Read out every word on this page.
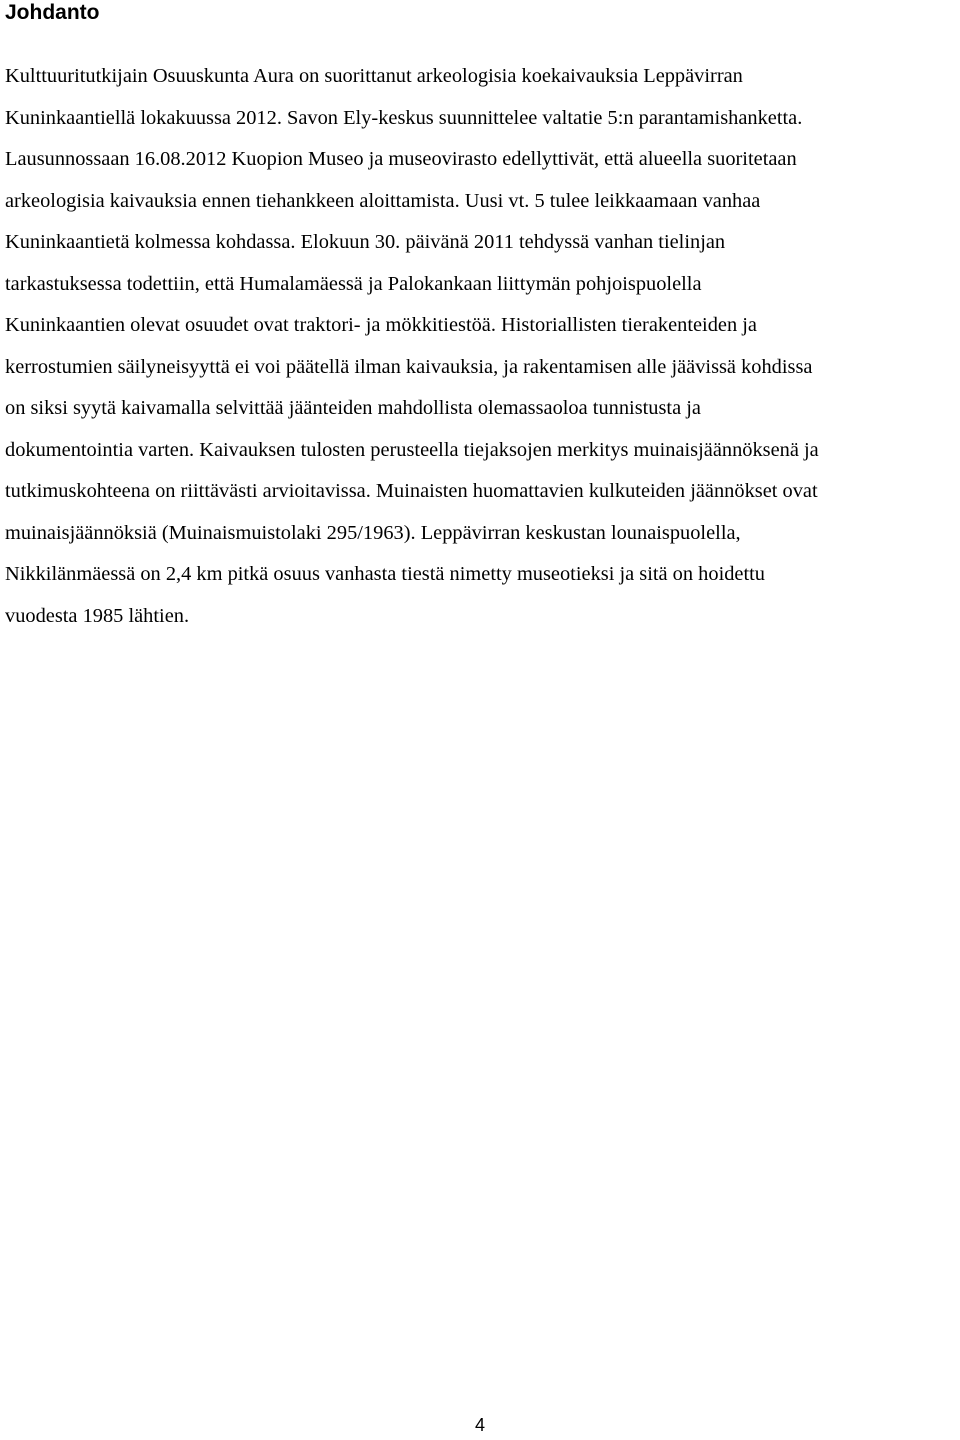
Johdanto
Kulttuuritutkijain Osuuskunta Aura on suorittanut arkeologisia koekaivauksia Leppävirran
Kuninkaantiellä lokakuussa 2012. Savon Ely-keskus suunnittelee valtatie 5:n parantamishanketta.
Lausunnossaan 16.08.2012 Kuopion Museo ja museovirasto edellyttivät, että alueella suoritetaan
arkeologisia kaivauksia ennen tiehankkeen aloittamista. Uusi vt. 5 tulee leikkaamaan vanhaa
Kuninkaantietä kolmessa kohdassa. Elokuun 30. päivänä 2011 tehdyssä vanhan tielinjan
tarkastuksessa todettiin, että Humalamäessä ja Palokankaan liittymän pohjoispuolella
Kuninkaantien olevat osuudet ovat traktori- ja mökkitiestöä. Historiallisten tierakenteiden ja
kerrostumien säilyneisyyttä ei voi päätellä ilman kaivauksia, ja rakentamisen alle jäävissä kohdissa
on siksi syytä kaivamalla selvittää jäänteiden mahdollista olemassaoloa tunnistusta ja
dokumentointia varten. Kaivauksen tulosten perusteella tiejaksojen merkitys muinaisjäännöksenä ja
tutkimuskohteena on riittävästi arvioitavissa. Muinaisten huomattavien kulkuteiden jäännökset ovat
muinaisjäännöksiä (Muinaismuistolaki 295/1963). Leppävirran keskustan lounaispuolella,
Nikkilänmäessä on 2,4 km pitkä osuus vanhasta tiestä nimetty museotieksi ja sitä on hoidettu
vuodesta 1985 lähtien.
4
